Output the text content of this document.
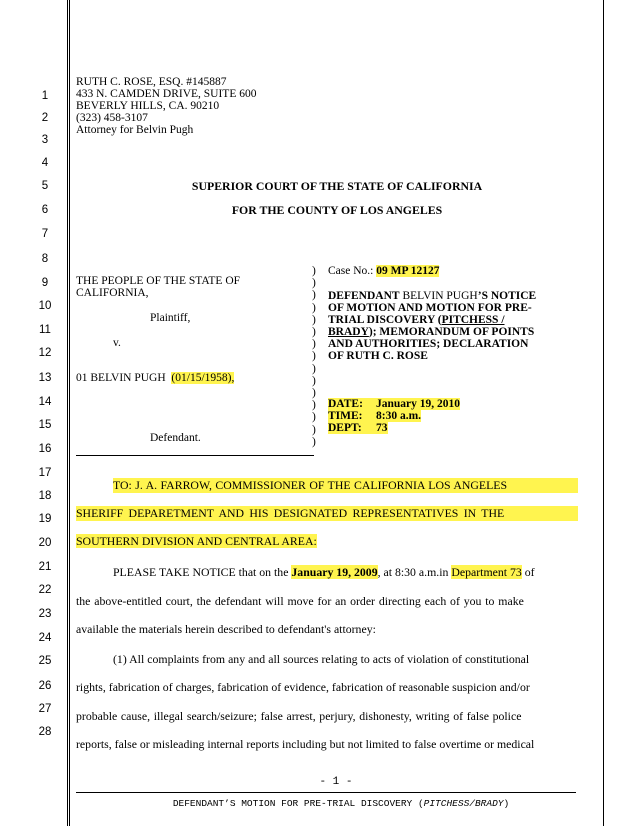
1
2
3
4
5
6
7
8
9
10
11
12
13
14
15
16
17
18
19
20
21
22
23
24
25
26
27
28
RUTH C. ROSE, ESQ. #145887
433 N. CAMDEN DRIVE, SUITE 600
BEVERLY HILLS, CA. 90210
(323) 458-3107
Attorney for Belvin Pugh
SUPERIOR COURT OF THE STATE OF CALIFORNIA
FOR THE COUNTY OF LOS ANGELES
THE PEOPLE OF THE STATE OF
CALIFORNIA,
Plaintiff,
v.
01 BELVIN PUGH (01/15/1958),
Defendant.
)
)
)
)
)
)
)
)
)
)
)
)
)
)
)
Case No.: 09 MP 12127
DEFENDANT BELVIN PUGH’S NOTICE
OF MOTION AND MOTION FOR PRE-
TRIAL DISCOVERY (PITCHESS /
BRADY); MEMORANDUM OF POINTS
AND AUTHORITIES; DECLARATION
OF RUTH C. ROSE
DATE: January 19, 2010
TIME: 8:30 a.m.
DEPT: 73
TO: J. A. FARROW, COMMISSIONER OF THE CALIFORNIA LOS ANGELES
SHERIFF DEPARETMENT AND HIS DESIGNATED REPRESENTATIVES IN THE
SOUTHERN DIVISION AND CENTRAL AREA:
PLEASE TAKE NOTICE that on the January 19, 2009, at 8:30 a.m.in Department 73 of
the above-entitled court, the defendant will move for an order directing each of you to make
available the materials herein described to defendant's attorney:
(1) All complaints from any and all sources relating to acts of violation of constitutional
rights, fabrication of charges, fabrication of evidence, fabrication of reasonable suspicion and/or
probable cause, illegal search/seizure; false arrest, perjury, dishonesty, writing of false police
reports, false or misleading internal reports including but not limited to false overtime or medical
- 1 -
DEFENDANT’S MOTION FOR PRE-TRIAL DISCOVERY (PITCHESS/BRADY)
